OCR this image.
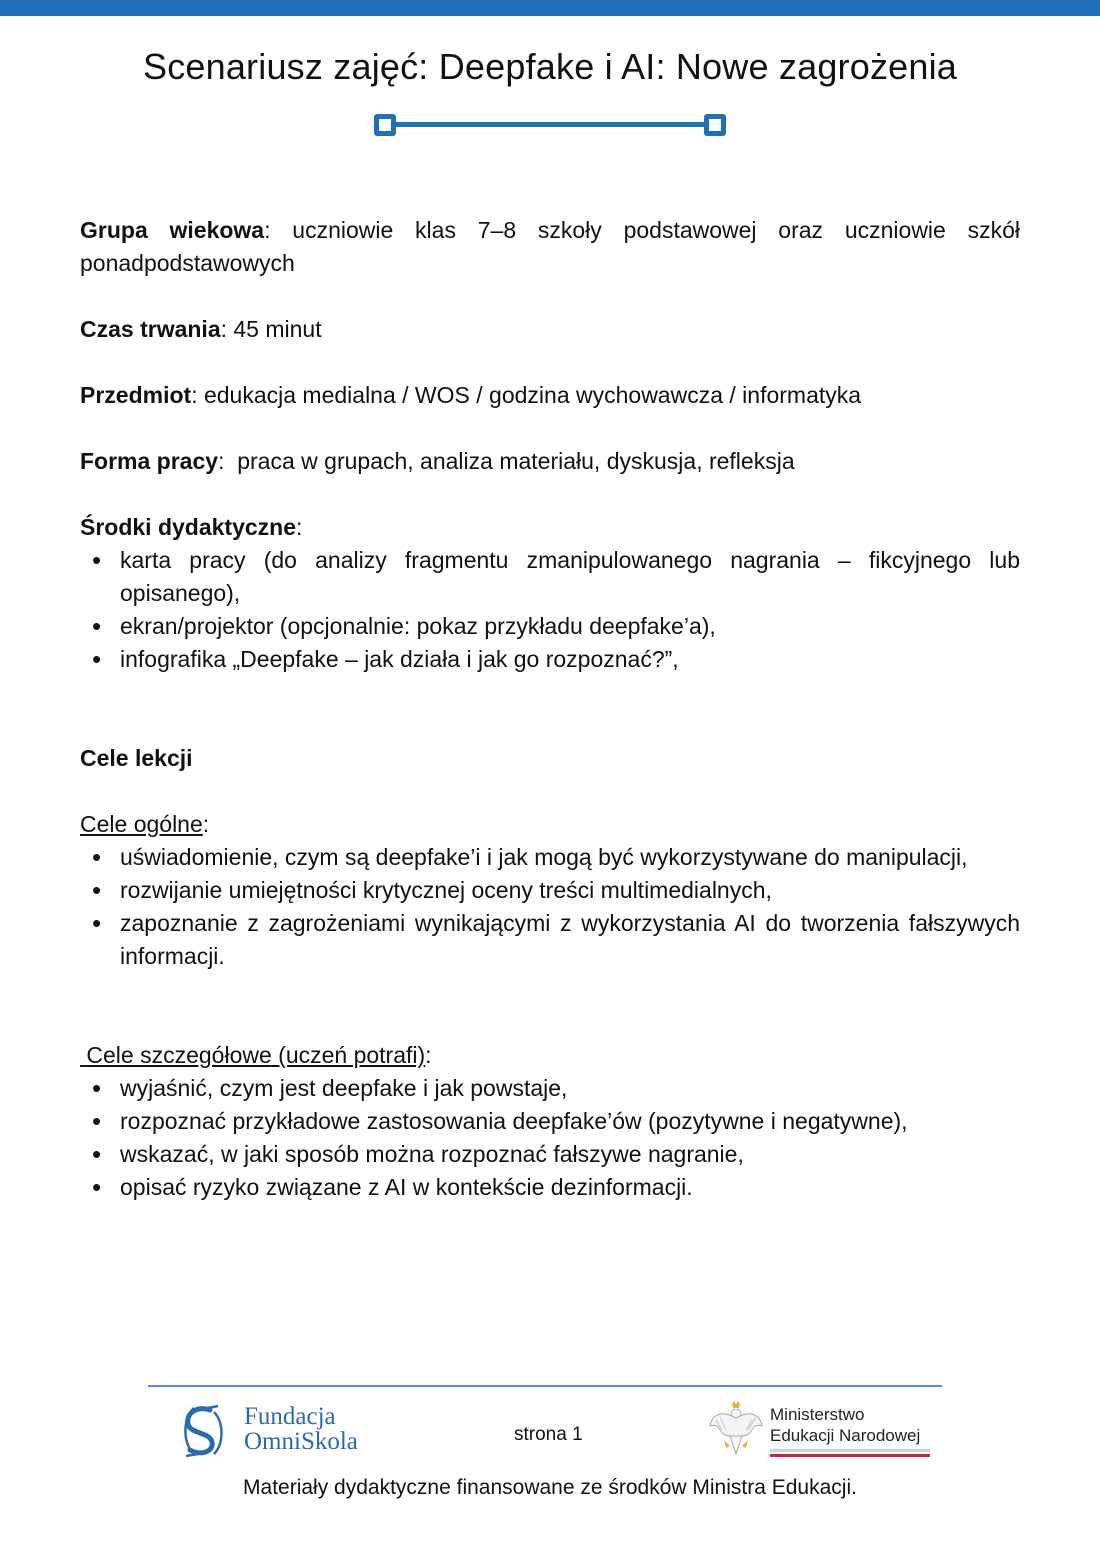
Scenariusz zajęć: Deepfake i AI: Nowe zagrożenia

Grupa wiekowa: uczniowie klas 7–8 szkoły podstawowej oraz uczniowie szkół ponadpodstawowych

Czas trwania: 45 minut

Przedmiot: edukacja medialna / WOS / godzina wychowawcza / informatyka

Forma pracy:  praca w grupach, analiza materiału, dyskusja, refleksja

Środki dydaktyczne:

• karta pracy (do analizy fragmentu zmanipulowanego nagrania – fikcyjnego lub opisanego),
• ekran/projektor (opcjonalnie: pokaz przykładu deepfake’a),
• infografika „Deepfake – jak działa i jak go rozpoznać?”,

Cele lekcji

Cele ogólne:

• uświadomienie, czym są deepfake’i i jak mogą być wykorzystywane do manipulacji,
• rozwijanie umiejętności krytycznej oceny treści multimedialnych,
• zapoznanie z zagrożeniami wynikającymi z wykorzystania AI do tworzenia fałszywych informacji.

Cele szczegółowe (uczeń potrafi):

• wyjaśnić, czym jest deepfake i jak powstaje,
• rozpoznać przykładowe zastosowania deepfake’ów (pozytywne i negatywne),
• wskazać, w jaki sposób można rozpoznać fałszywe nagranie,
• opisać ryzyko związane z AI w kontekście dezinformacji.
Fundacja
OmniSkola	strona 1
Ministerstwo
Edukacji Narodowej
Materiały dydaktyczne finansowane ze środków Ministra Edukacji.
